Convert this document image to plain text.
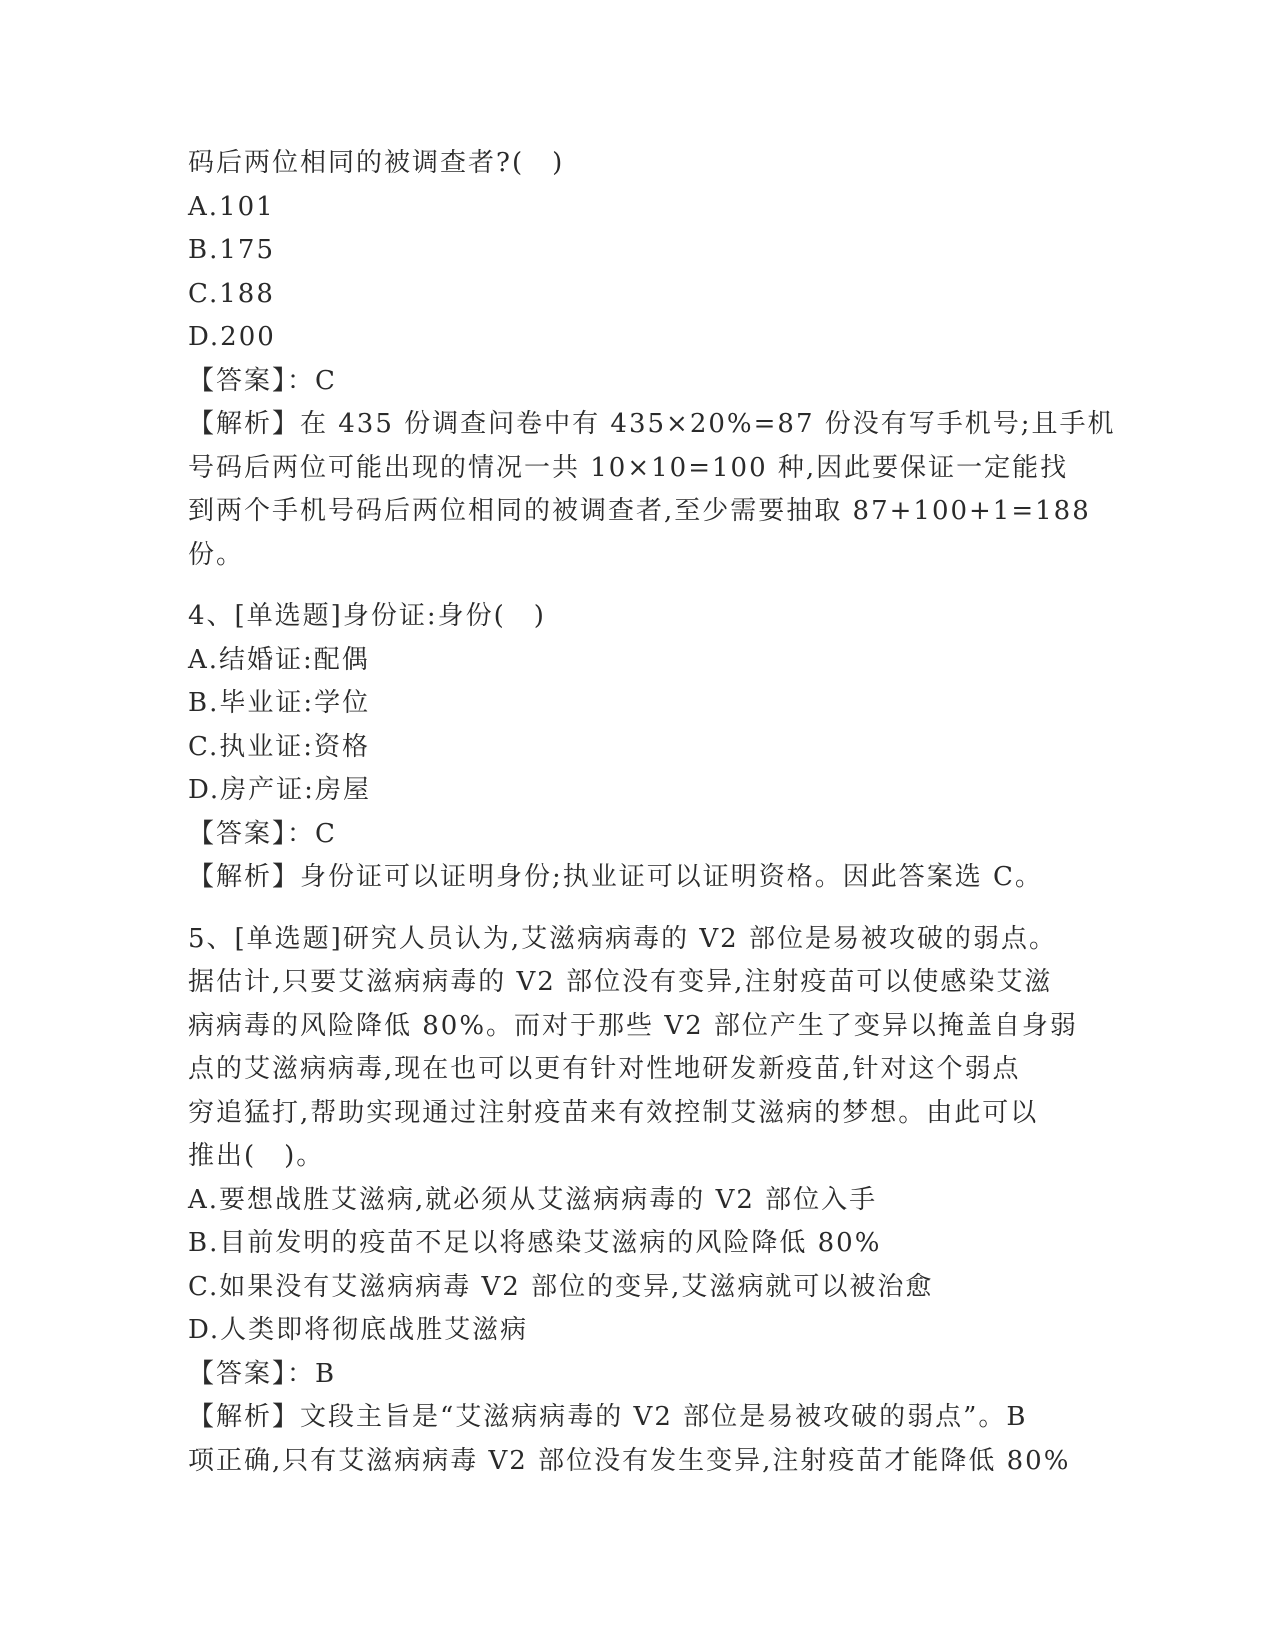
码后两位相同的被调查者?(　)
A.101
B.175
C.188
D.200
【答案】：C
【解析】在 435 份调查问卷中有 435×20%=87 份没有写手机号;且手机
号码后两位可能出现的情况一共 10×10=100 种,因此要保证一定能找
到两个手机号码后两位相同的被调查者,至少需要抽取 87+100+1=188
份。
4、[单选题]身份证:身份(　)
A.结婚证:配偶
B.毕业证:学位
C.执业证:资格
D.房产证:房屋
【答案】：C
【解析】身份证可以证明身份;执业证可以证明资格。因此答案选 C。
5、[单选题]研究人员认为,艾滋病病毒的 V2 部位是易被攻破的弱点。
据估计,只要艾滋病病毒的 V2 部位没有变异,注射疫苗可以使感染艾滋
病病毒的风险降低 80%。而对于那些 V2 部位产生了变异以掩盖自身弱
点的艾滋病病毒,现在也可以更有针对性地研发新疫苗,针对这个弱点
穷追猛打,帮助实现通过注射疫苗来有效控制艾滋病的梦想。由此可以
推出(　)。
A.要想战胜艾滋病,就必须从艾滋病病毒的 V2 部位入手
B.目前发明的疫苗不足以将感染艾滋病的风险降低 80%
C.如果没有艾滋病病毒 V2 部位的变异,艾滋病就可以被治愈
D.人类即将彻底战胜艾滋病
【答案】：B
【解析】文段主旨是“艾滋病病毒的 V2 部位是易被攻破的弱点”。B
项正确,只有艾滋病病毒 V2 部位没有发生变异,注射疫苗才能降低 80%
